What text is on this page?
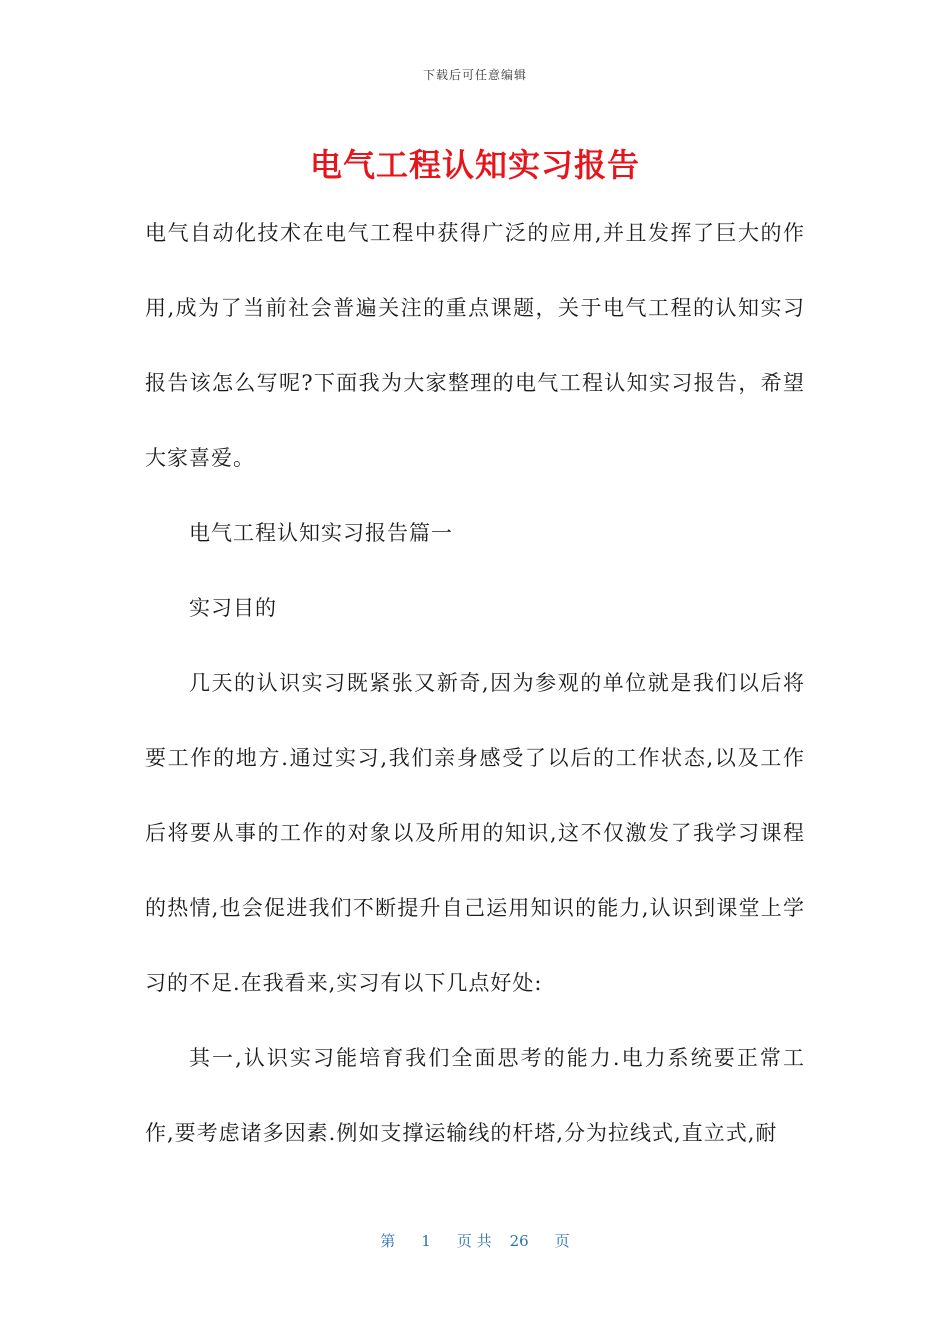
下载后可任意编辑
电气工程认知实习报告

电气自动化技术在电气工程中获得广泛的应用,并且发挥了巨大的作用,成为了当前社会普遍关注的重点课题，关于电气工程的认知实习报告该怎么写呢?下面我为大家整理的电气工程认知实习报告，希望大家喜爱。

电气工程认知实习报告篇一

实习目的

几天的认识实习既紧张又新奇,因为参观的单位就是我们以后将要工作的地方.通过实习,我们亲身感受了以后的工作状态,以及工作后将要从事的工作的对象以及所用的知识,这不仅激发了我学习课程的热情,也会促进我们不断提升自己运用知识的能力,认识到课堂上学习的不足.在我看来,实习有以下几点好处:

其一,认识实习能培育我们全面思考的能力.电力系统要正常工作,要考虑诸多因素.例如支撑运输线的杆塔,分为拉线式,直立式,耐

第 1 页 共 26 页
